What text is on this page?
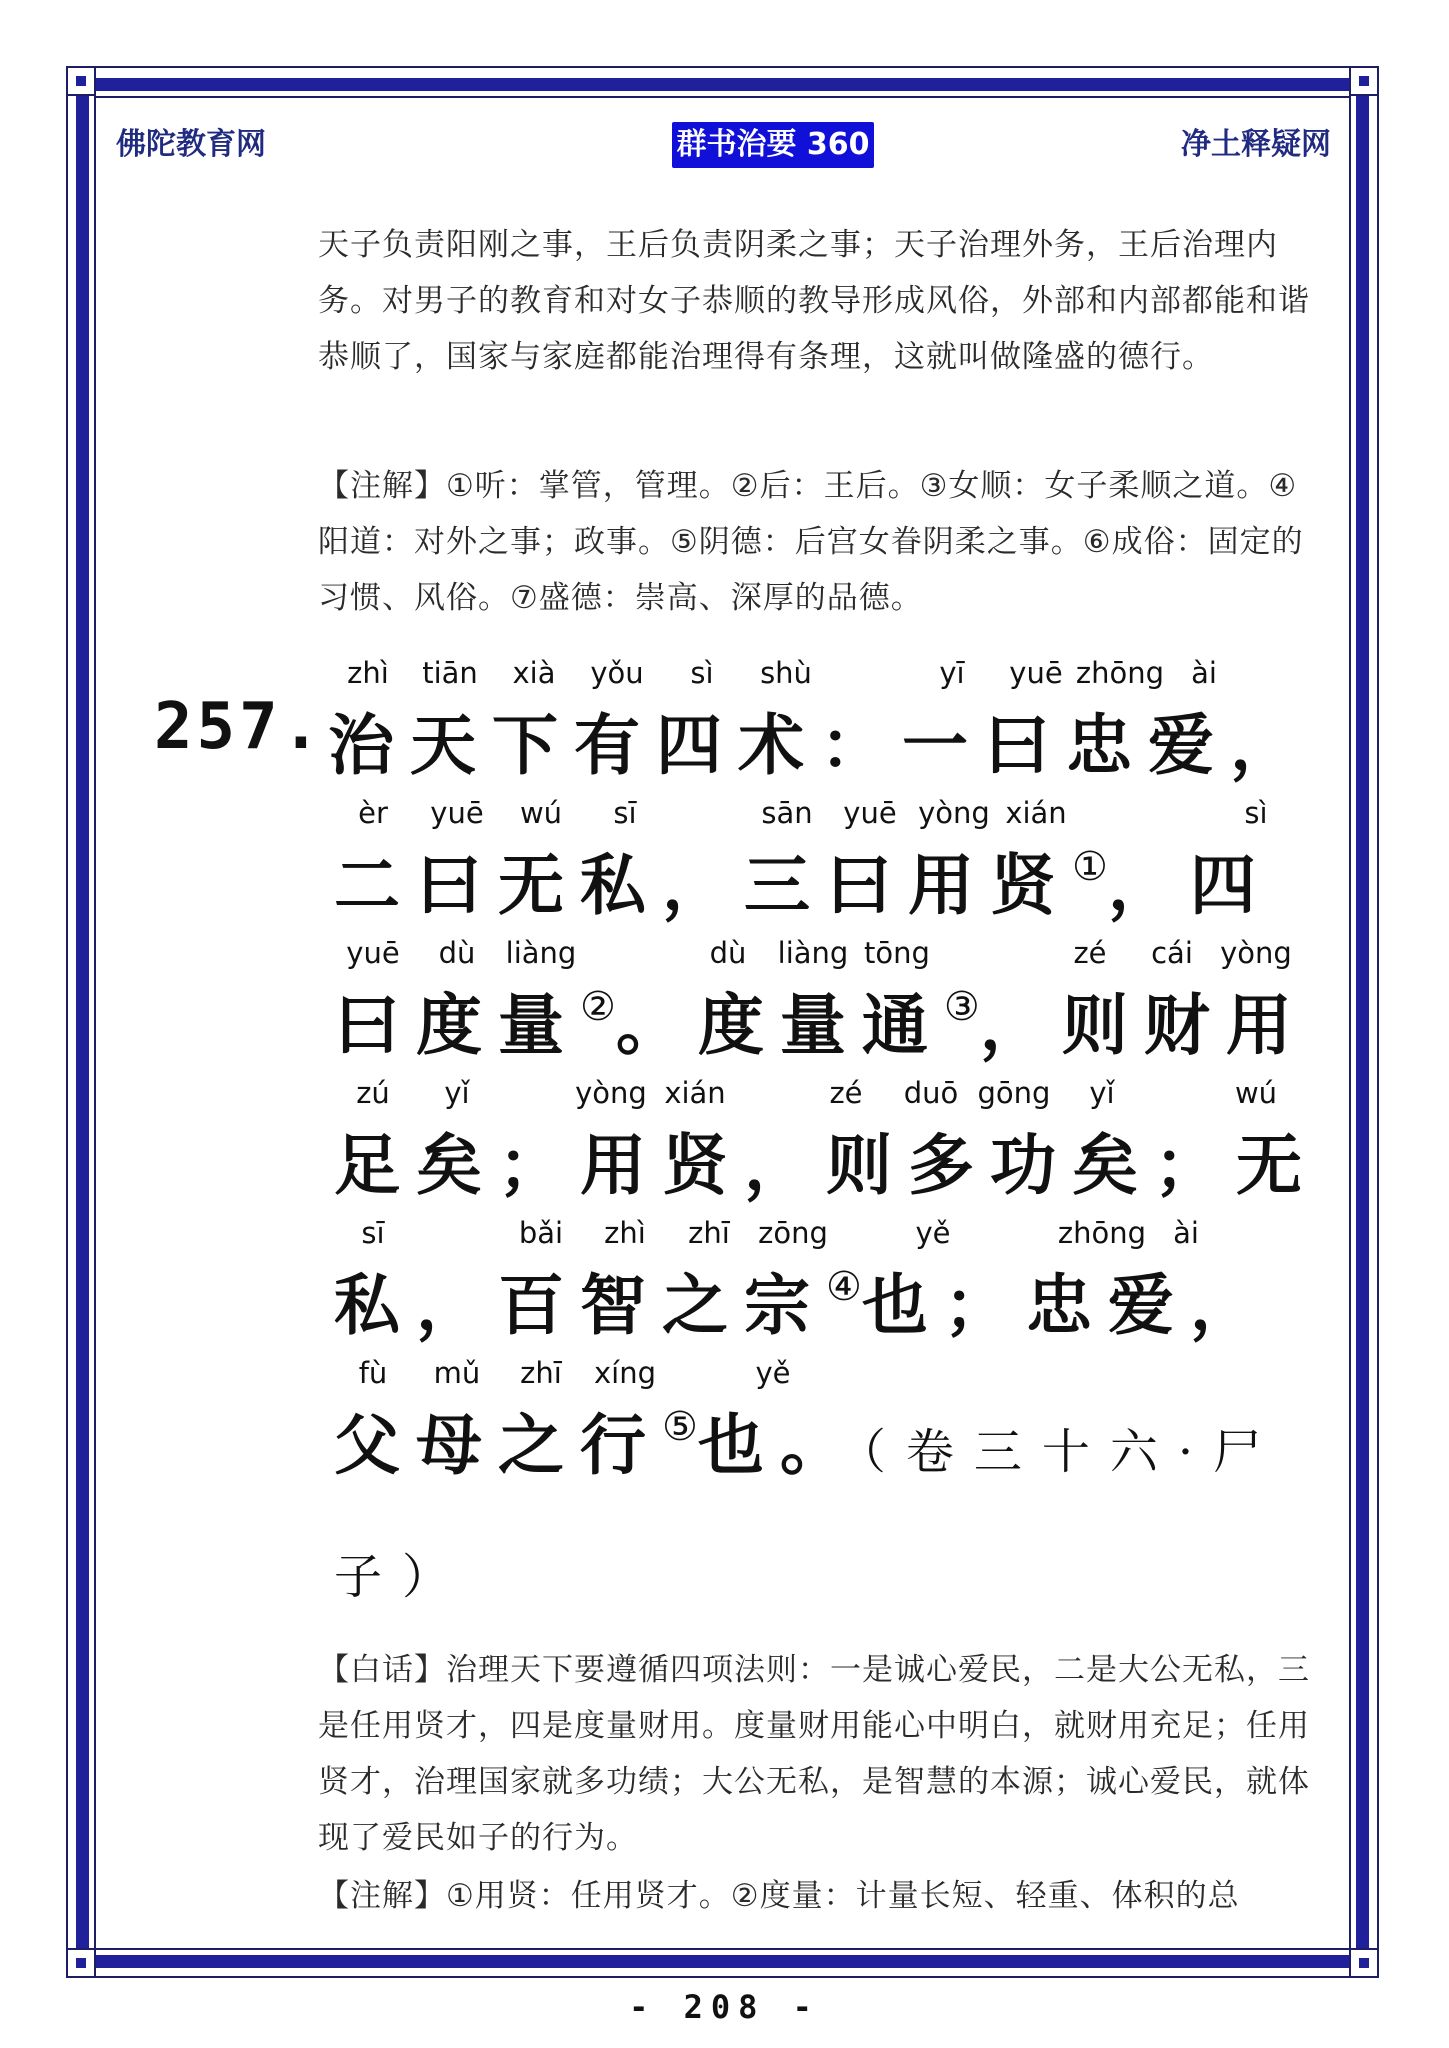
佛陀教育网	群书治要 360	净土释疑网

天子负责阳刚之事，王后负责阴柔之事；天子治理外务，王后治理内务。对男子的教育和对女子恭顺的教导形成风俗，外部和内部都能和谐恭顺了，国家与家庭都能治理得有条理，这就叫做隆盛的德行。

【注解】①听：掌管，管理。②后：王后。③女顺：女子柔顺之道。④阳道：对外之事；政事。⑤阴德：后宫女眷阴柔之事。⑥成俗：固定的习惯、风俗。⑦盛德：崇高、深厚的品德。

257.
zhì tiān xià yǒu sì shù	yī yuē zhōng ài
治天下有四术：一曰忠爱，
èr yuē wú sī	sān yuē yòng xián	sì
二曰无私，三曰用贤①，四
yuē dù liàng	dù liàng tōng	zé cái yòng
曰度量②。度量通③，则财用
zú yǐ	yòng xián	zé duō gōng yǐ	wú
足矣；用贤，则多功矣；无
sī	bǎi zhì zhī zōng	yě	zhōng ài
私，百智之宗④也；忠爱，
fù mǔ zhī xíng	yě
父母之行⑤也。（卷三十六·尸
子）

【白话】治理天下要遵循四项法则：一是诚心爱民，二是大公无私，三是任用贤才，四是度量财用。度量财用能心中明白，就财用充足；任用贤才，治理国家就多功绩；大公无私，是智慧的本源；诚心爱民，就体现了爱民如子的行为。

【注解】①用贤：任用贤才。②度量：计量长短、轻重、体积的总

- 208 -
